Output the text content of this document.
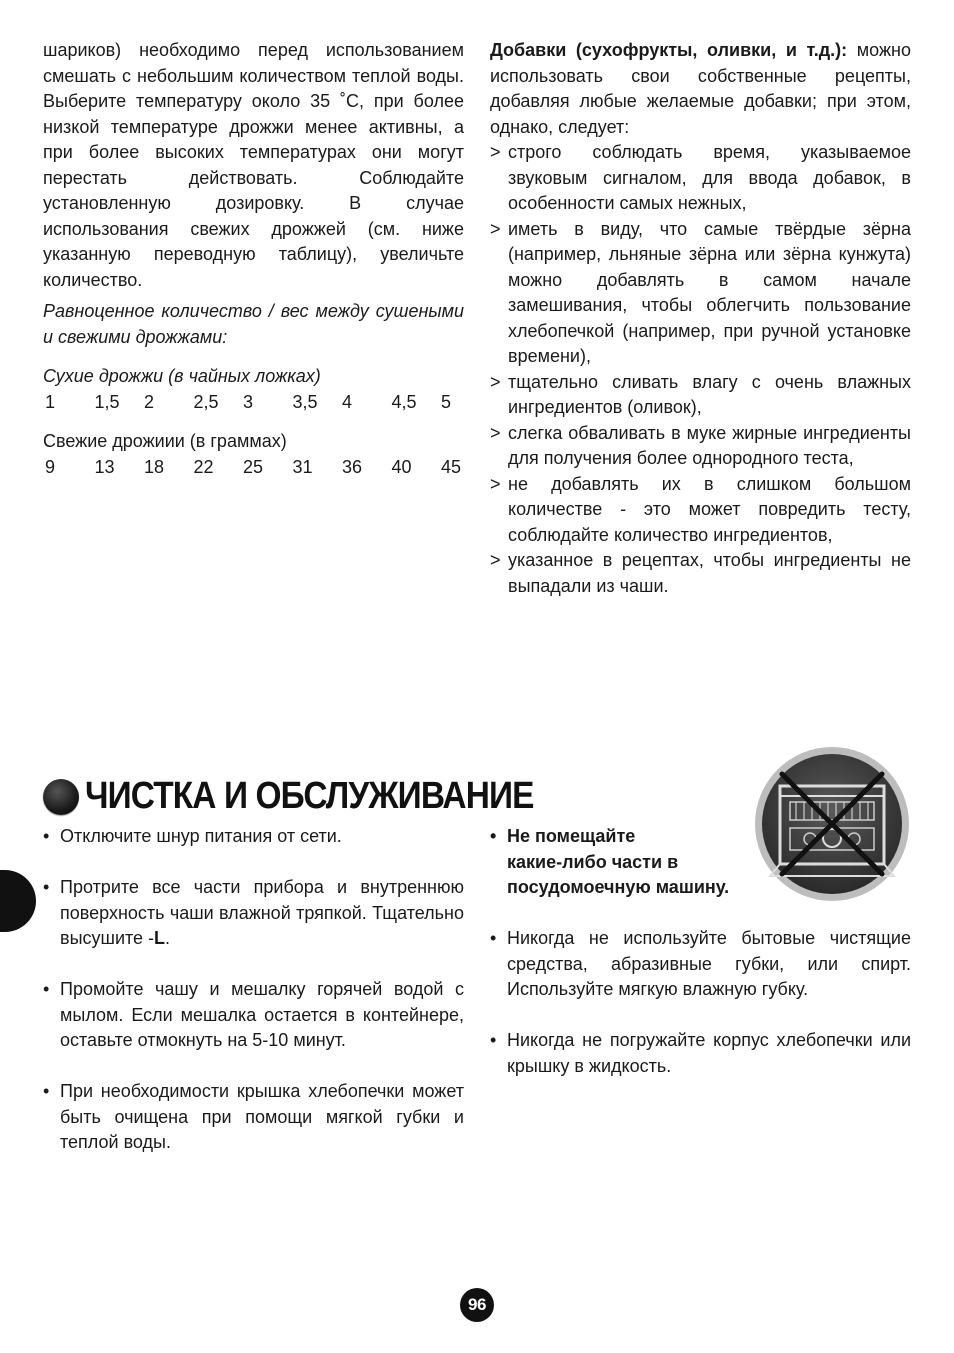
шариков) необходимо перед использованием смешать с небольшим количеством теплой воды. Выберите температуру около 35 ˚С, при более низкой температуре дрожжи менее активны, а при более высоких температурах они могут перестать действовать. Соблюдайте установленную дозировку. В случае использования свежих дрожжей (см. ниже указанную переводную таблицу), увеличьте количество.

Равноценное количество / вес между сушеными и свежими дрожжами:

Сухие дрожжи (в чайных ложках)

1	1,5	2	2,5	3	3,5	4	4,5	5

Свежие дрожиии (в граммах)

9	13	18	22	25	31	36	40	45

Добавки (сухофрукты, оливки, и т.д.): можно использовать свои собственные рецепты, добавляя любые желаемые добавки; при этом, однако, следует:

> строго соблюдать время, указываемое звуковым сигналом, для ввода добавок, в особенности самых нежных,
> иметь в виду, что самые твёрдые зёрна (например, льняные зёрна или зёрна кунжута) можно добавлять в самом начале замешивания, чтобы облегчить пользование хлебопечкой (например, при ручной установке времени),
> тщательно сливать влагу с очень влажных ингредиентов (оливок),
> слегка обваливать в муке жирные ингредиенты для получения более однородного теста,
> не добавлять их в слишком большом количестве - это может повредить тесту, соблюдайте количество ингредиентов,
> указанное в рецептах, чтобы ингредиенты не выпадали из чаши.
ЧИСТКА И ОБСЛУЖИВАНИЕ
• Отключите шнур питания от сети.
• Протрите все части прибора и внутреннюю поверхность чаши влажной тряпкой. Тщательно высушите -L.
• Промойте чашу и мешалку горячей водой с мылом. Если мешалка остается в контейнере, оставьте отмокнуть на 5-10 минут.
• При необходимости крышка хлебопечки может быть очищена при помощи мягкой губки и теплой воды.
• Не помещайте
какие-либо части в
посудомоечную машину.
• Никогда не используйте бытовые чистящие средства, абразивные губки, или спирт. Используйте мягкую влажную губку.
• Никогда не погружайте корпус хлебопечки или крышку в жидкость.
96
